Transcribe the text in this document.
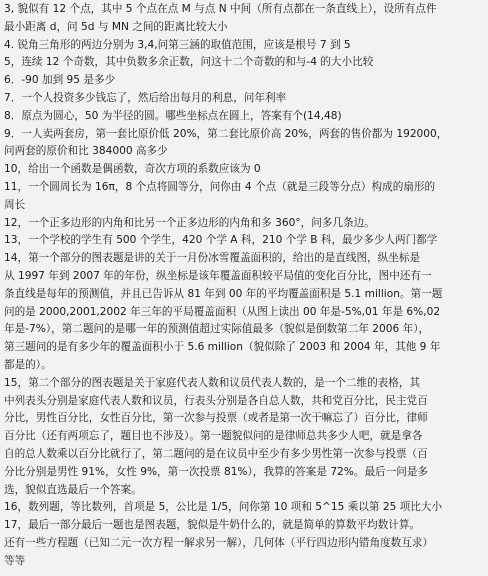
3, 貌似有 12 个点，其中 5 个点在点 M 与点 N 中间（所有点都在一条直线上），设所有点件
最小距离 d，问 5d 与 MN 之间的距离比较大小
4. 锐角三角形的两边分别为 3,4,问第三涵的取值范围，应该是根号 7 到 5
5，连续 12 个奇数，其中负数多余正数，问这十二个奇数的和与-4 的大小比较
6．-90 加到 95 是多少
7．一个人投资多少钱忘了，然后给出每月的利息，问年利率
8．原点为圆心，50 为半径的圆。哪些坐标点在圆上，答案有个(14,48)
9．一人卖两套房，第一套比原价低 20%，第二套比原价高 20%，两套的售价都为 192000，
问两套的原价和比 384000 高多少
10，给出一个函数是偶函数，奇次方项的系数应该为 0
11，一个圆周长为 16π，8 个点将圆等分，问你由 4 个点（就是三段等分点）构成的扇形的
周长
12，一个正多边形的内角和比另一个正多边形的内角和多 360°，问多几条边。
13，一个学校的学生有 500 个学生，420 个学 A 科，210 个学 B 科，最少多少人两门都学
14，第一个部分的图表题是讲的关于一月份冰雪覆盖面积的，给出的是直线图，纵坐标是
从 1997 年到 2007 年的年份，纵坐标是该年覆盖面积较平局值的变化百分比，图中还有一
条直线是每年的预测值，并且已告诉从 81 年到 00 年的平均覆盖面积是 5.1 million。第一题
问的是 2000,2001,2002 年三年的平局覆盖面积（从图上读出 00 年是-5%,01 年是 6%,02
年是-7%），第二题问的是哪一年的预测值超过实际值最多（貌似是倒数第二年 2006 年），
第三题问的是有多少年的覆盖面积小于 5.6 million（貌似除了 2003 和 2004 年，其他 9 年
都是的）。
15，第二个部分的图表题是关于家庭代表人数和议员代表人数的，是一个二维的表格，其
中列表头分别是家庭代表人数和议员，行表头分别是各自总人数，共和党百分比，民主党百
分比，男性百分比，女性百分比，第一次参与投票（或者是第一次干嘛忘了）百分比，律师
百分比（还有两项忘了，题目也不涉及）。第一题貌似问的是律师总共多少人吧，就是拿各
自的总人数乘以百分比就行了，第二题问的是在议员中至少有多少男性第一次参与投票（百
分比分别是男性 91%，女性 9%，第一次投票 81%），我算的答案是 72%。最后一问是多
选，貌似直选最后一个答案。
16，数列题，等比数列，首项是 5，公比是 1/5，问你第 10 项和 5^15 乘以第 25 项比大小
17，最后一部分最后一题也是图表题，貌似是牛奶什么的，就是简单的算数平均数计算。
还有一些方程题（已知二元一次方程一解求另一解），几何体（平行四边形内错角度数互求）
等等
